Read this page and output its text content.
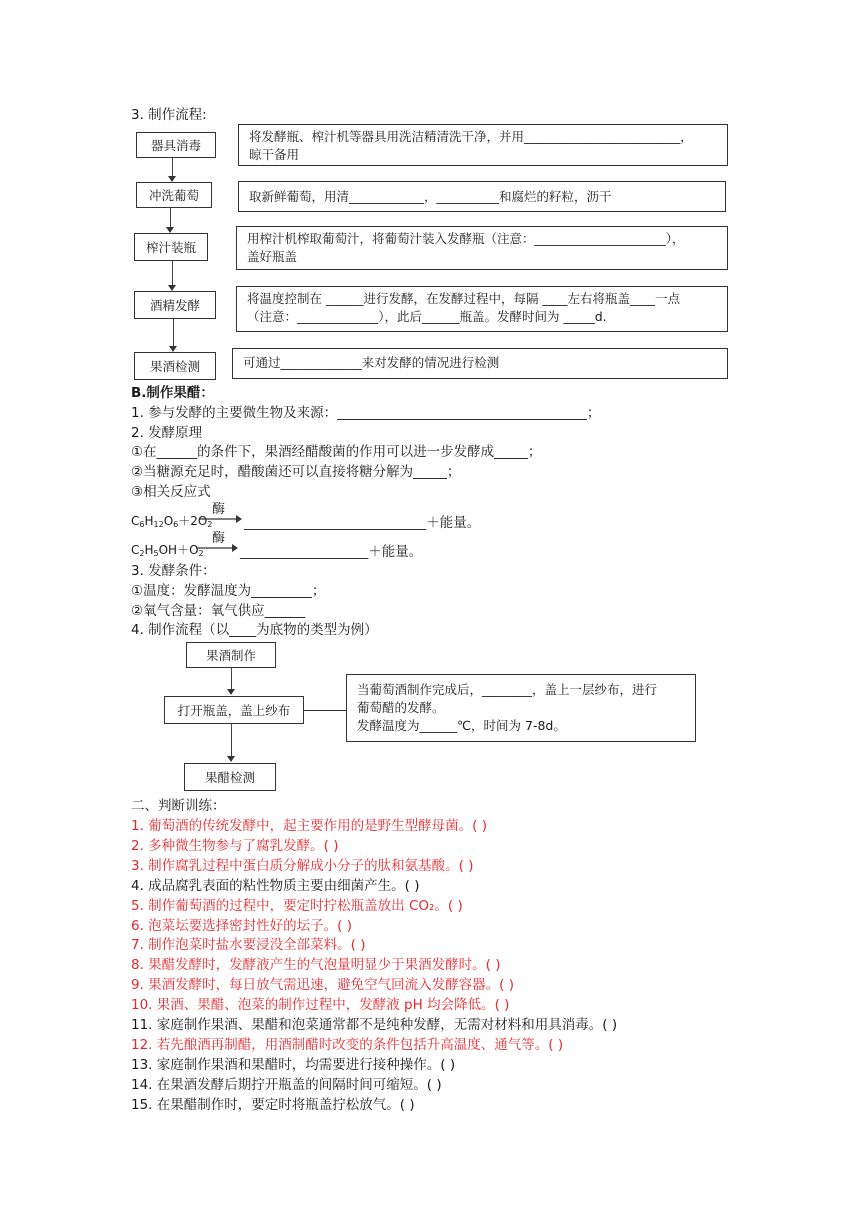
3. 制作流程:
器具消毒
冲洗葡萄
榨汁装瓶
酒精发酵
果酒检测
将发酵瓶、榨汁机等器具用洗洁精清洗干净，并用_________________________，
晾干备用
取新鲜葡萄，用清____________，__________和腐烂的籽粒，沥干
用榨汁机榨取葡萄汁，将葡萄汁装入发酵瓶（注意：_____________________），
盖好瓶盖
将温度控制在 ______进行发酵，在发酵过程中，每隔 ____左右将瓶盖____一点
（注意：_____________），此后______瓶盖。发酵时间为 _____d.
可通过_____________来对发酵的情况进行检测
B.制作果醋：
1. 参与发酵的主要微生物及来源：_____________________________________；
2. 发酵原理
①在______的条件下，果酒经醋酸菌的作用可以进一步发酵成_____；
②当糖源充足时，醋酸菌还可以直接将糖分解为_____；
③相关反应式
$C_6H_{12}O_6+2O_2$
酶
→ ___________________________＋能量。
$C_2H_5OH+O_2$
酶
→ ___________________＋能量。
3. 发酵条件：
①温度：发酵温度为_________；
②氧气含量：氧气供应______
4. 制作流程（以____为底物的类型为例）
果酒制作
打开瓶盖，盖上纱布
果醋检测
当葡萄酒制作完成后，________，盖上一层纱布，进行
葡萄醋的发酵。
发酵温度为______℃，时间为 7-8d。
二、判断训练：
1. 葡萄酒的传统发酵中，起主要作用的是野生型酵母菌。( )
2. 多种微生物参与了腐乳发酵。( )
3. 制作腐乳过程中蛋白质分解成小分子的肽和氨基酸。( )
4. 成品腐乳表面的粘性物质主要由细菌产生。( )
5. 制作葡萄酒的过程中，要定时拧松瓶盖放出 CO₂。( )
6. 泡菜坛要选择密封性好的坛子。( )
7. 制作泡菜时盐水要浸没全部菜料。( )
8. 果醋发酵时，发酵液产生的气泡量明显少于果酒发酵时。( )
9. 果酒发酵时，每日放气需迅速，避免空气回流入发酵容器。( )
10. 果酒、果醋、泡菜的制作过程中，发酵液 pH 均会降低。( )
11. 家庭制作果酒、果醋和泡菜通常都不是纯种发酵，无需对材料和用具消毒。( )
12. 若先酿酒再制醋，用酒制醋时改变的条件包括升高温度、通气等。( )
13. 家庭制作果酒和果醋时，均需要进行接种操作。( )
14. 在果酒发酵后期拧开瓶盖的间隔时间可缩短。( )
15. 在果醋制作时，要定时将瓶盖拧松放气。( )
